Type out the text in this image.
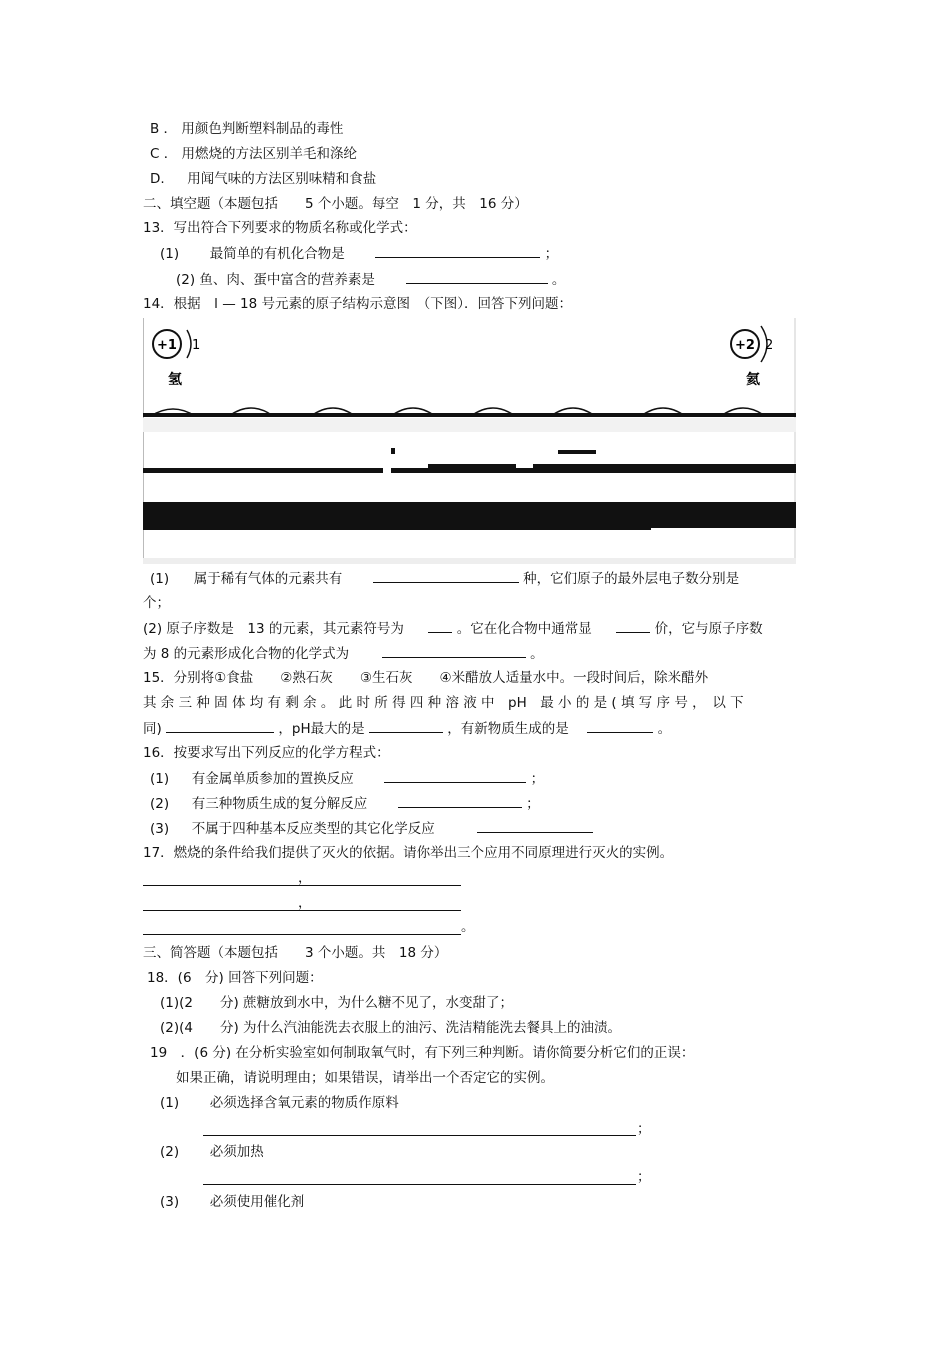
B ． 用颜色判断塑料制品的毒性
C ． 用燃烧的方法区别羊毛和涤纶
D. 用闻气味的方法区别味精和食盐
二、填空题（本题包括　　5 个小题。每空　1 分，共　16 分）
13．写出符合下列要求的物质名称或化学式：
(1) 最简单的有机化合物是	；
(2) 鱼、肉、蛋中富含的营养素是	。
14．根据　l — 18 号元素的原子结构示意图　（下图）．回答下列问题：
+1 1
氢
+2 2
氦
(1) 属于稀有气体的元素共有	种，它们原子的最外层电子数分别是
个；
(2) 原子序数是　13 的元素，其元素符号为	。它在化合物中通常显	价，它与原子序数
为 8 的元素形成化合物的化学式为	。
15．分别将①食盐　　②熟石灰　　③生石灰　　④米醋放人适量水中。一段时间后，除米醋外
其 余 三 种 固 体 均 有 剩 余 。 此 时 所 得 四 种 溶 液 中　pH　最 小 的 是 ( 填 写 序 号 ，　以 下
同)	，pH最大的是	，有新物质生成的是	。
16．按要求写出下列反应的化学方程式：
(1) 有金属单质参加的置换反应	；
(2) 有三种物质生成的复分解反应	；
(3) 不属于四种基本反应类型的其它化学反应
17．燃烧的条件给我们提供了灭火的依据。请你举出三个应用不同原理进行灭火的实例。
，
，
。
三、简答题（本题包括　　3 个小题。共　18 分）
18．(6　分) 回答下列问题：
(1)(2　　分) 蔗糖放到水中，为什么糖不见了，水变甜了；
(2)(4　　分) 为什么汽油能洗去衣服上的油污、洗洁精能洗去餐具上的油渍。
19　．(6 分) 在分析实验室如何制取氧气时，有下列三种判断。请你简要分析它们的正误：
如果正确，请说明理由；如果错误，请举出一个否定它的实例。
(1) 必须选择含氧元素的物质作原料
；
(2) 必须加热
；
(3) 必须使用催化剂
